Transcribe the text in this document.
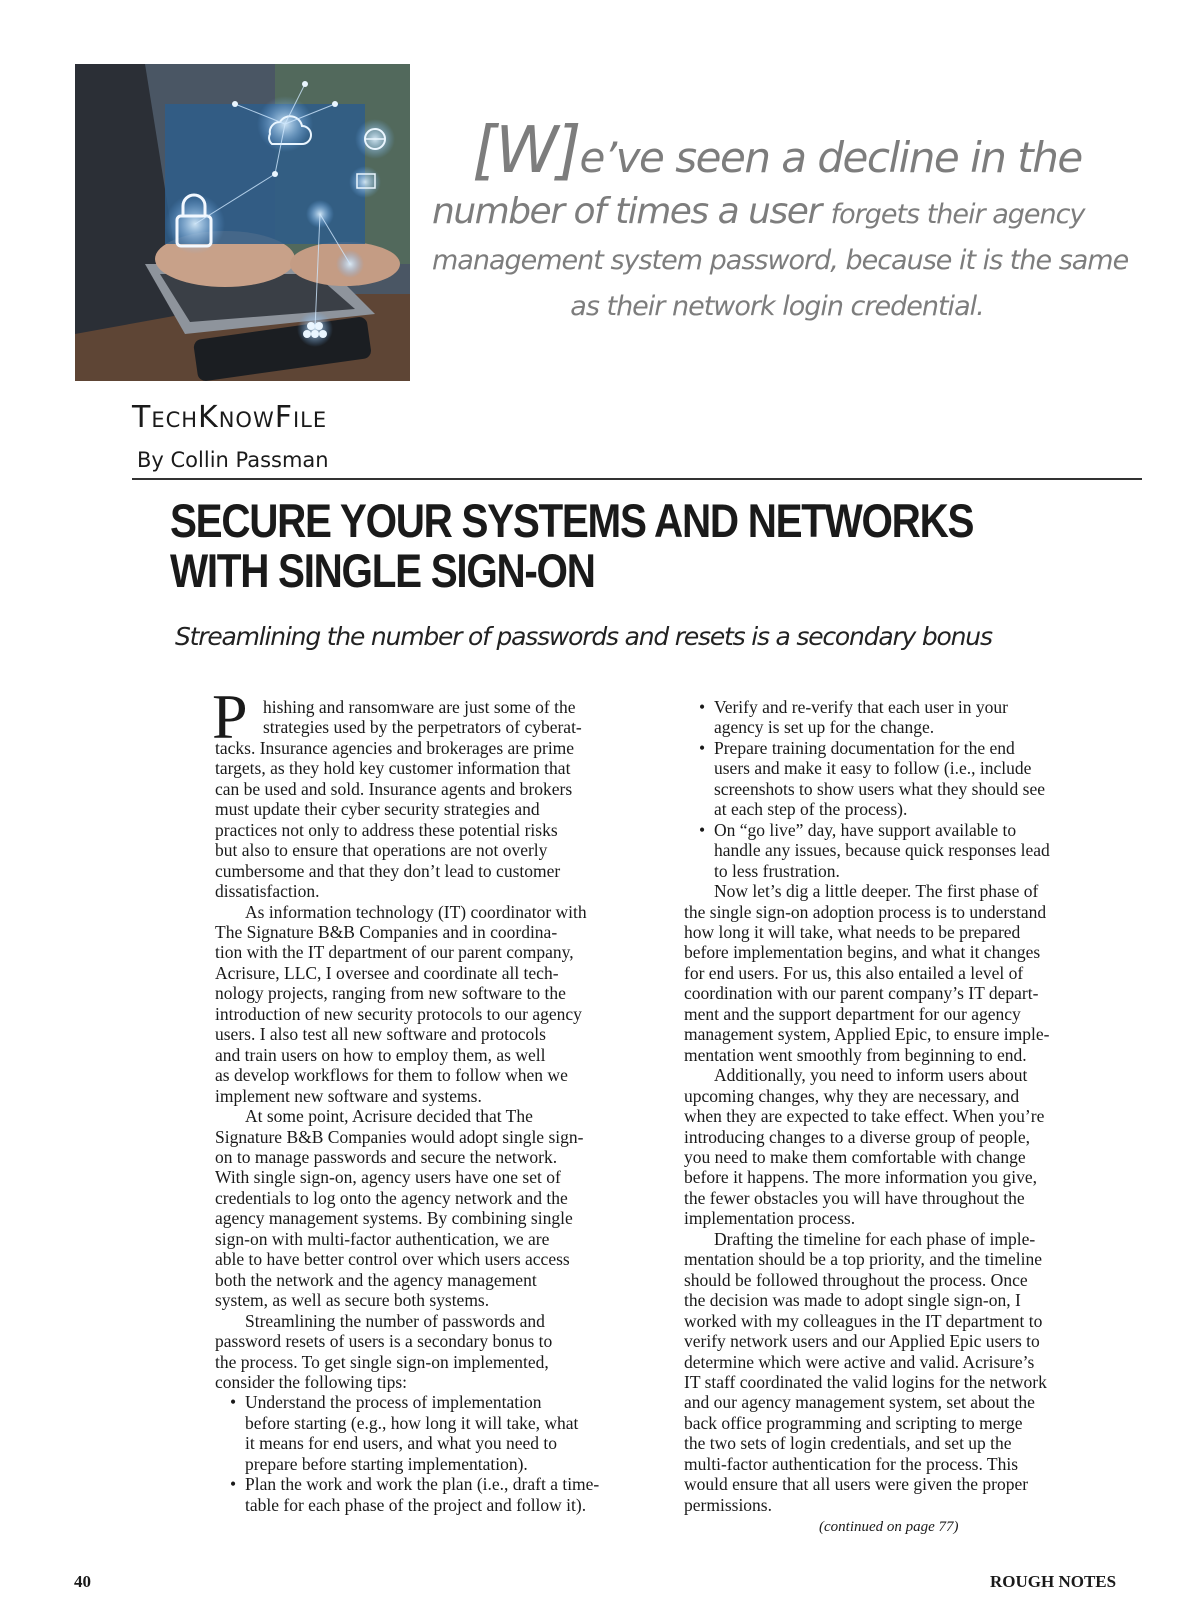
[W]e’ve seen a decline in the
number of times a user forgets their agency
management system password, because it is the same
as their network login credential.
TechKnowFile
By Collin Passman
SECURE YOUR SYSTEMS AND NETWORKS
WITH SINGLE SIGN-ON
Streamlining the number of passwords and resets is a secondary bonus
P hishing and ransomware are just some of the
strategies used by the perpetrators of cyberat-
tacks. Insurance agencies and brokerages are prime
targets, as they hold key customer information that
can be used and sold. Insurance agents and brokers
must update their cyber security strategies and
practices not only to address these potential risks
but also to ensure that operations are not overly
cumbersome and that they don’t lead to customer
dissatisfaction.
As information technology (IT) coordinator with
The Signature B&B Companies and in coordina-
tion with the IT department of our parent company,
Acrisure, LLC, I oversee and coordinate all tech-
nology projects, ranging from new software to the
introduction of new security protocols to our agency
users. I also test all new software and protocols
and train users on how to employ them, as well
as develop workflows for them to follow when we
implement new software and systems.
At some point, Acrisure decided that The
Signature B&B Companies would adopt single sign-
on to manage passwords and secure the network.
With single sign-on, agency users have one set of
credentials to log onto the agency network and the
agency management systems. By combining single
sign-on with multi-factor authentication, we are
able to have better control over which users access
both the network and the agency management
system, as well as secure both systems.
Streamlining the number of passwords and
password resets of users is a secondary bonus to
the process. To get single sign-on implemented,
consider the following tips:
• Understand the process of implementation
before starting (e.g., how long it will take, what
it means for end users, and what you need to
prepare before starting implementation).
• Plan the work and work the plan (i.e., draft a time-
table for each phase of the project and follow it).
• Verify and re-verify that each user in your
agency is set up for the change.
• Prepare training documentation for the end
users and make it easy to follow (i.e., include
screenshots to show users what they should see
at each step of the process).
• On “go live” day, have support available to
handle any issues, because quick responses lead
to less frustration.
Now let’s dig a little deeper. The first phase of
the single sign-on adoption process is to understand
how long it will take, what needs to be prepared
before implementation begins, and what it changes
for end users. For us, this also entailed a level of
coordination with our parent company’s IT depart-
ment and the support department for our agency
management system, Applied Epic, to ensure imple-
mentation went smoothly from beginning to end.
Additionally, you need to inform users about
upcoming changes, why they are necessary, and
when they are expected to take effect. When you’re
introducing changes to a diverse group of people,
you need to make them comfortable with change
before it happens. The more information you give,
the fewer obstacles you will have throughout the
implementation process.
Drafting the timeline for each phase of imple-
mentation should be a top priority, and the timeline
should be followed throughout the process. Once
the decision was made to adopt single sign-on, I
worked with my colleagues in the IT department to
verify network users and our Applied Epic users to
determine which were active and valid. Acrisure’s
IT staff coordinated the valid logins for the network
and our agency management system, set about the
back office programming and scripting to merge
the two sets of login credentials, and set up the
multi-factor authentication for the process. This
would ensure that all users were given the proper
permissions.
(continued on page 77)
40	ROUGH NOTES
